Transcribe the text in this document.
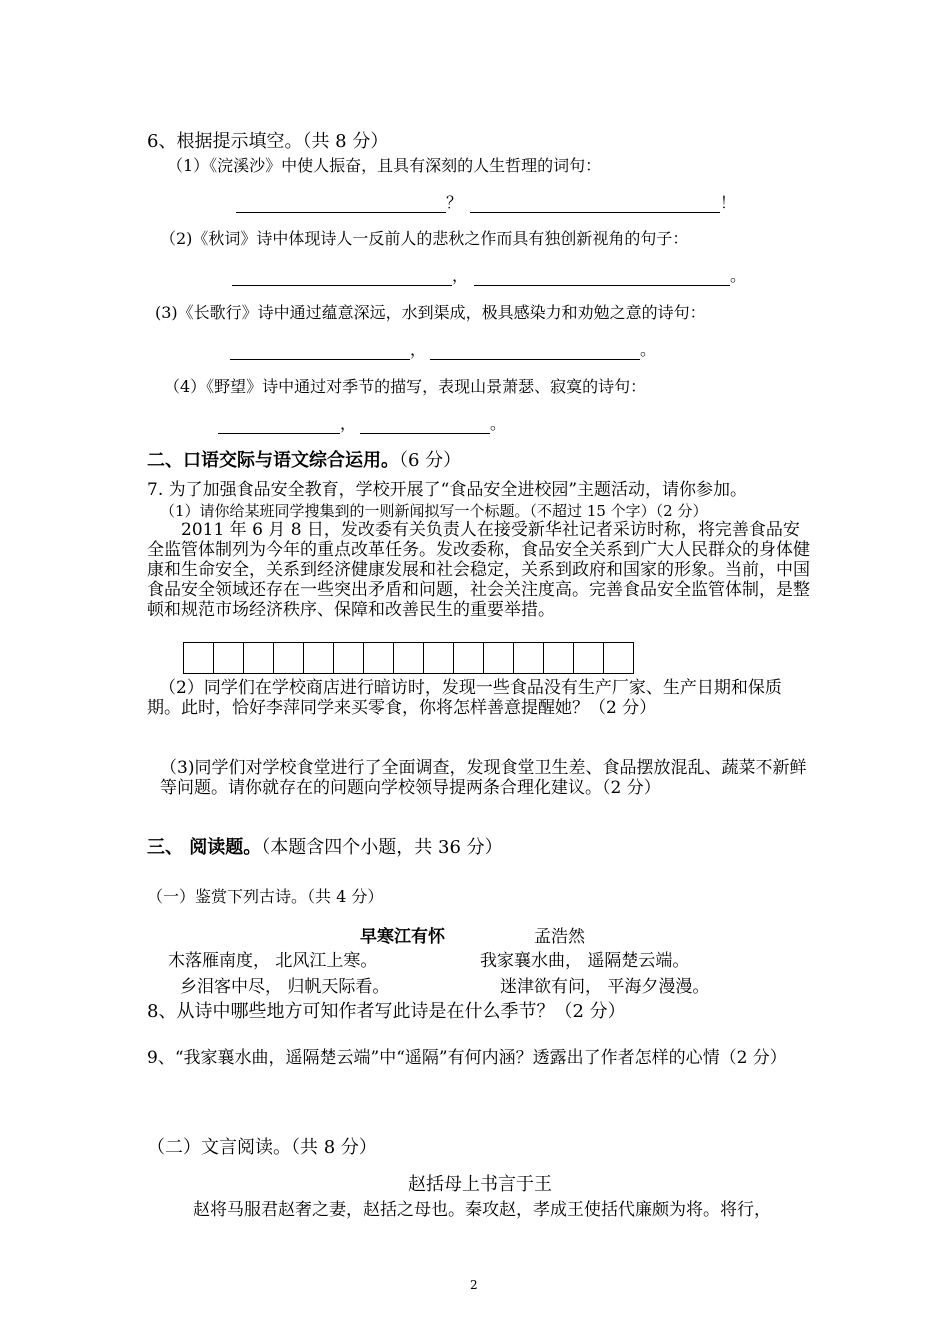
6、根据提示填空。（共 8 分）
（1）《浣溪沙》中使人振奋，且具有深刻的人生哲理的词句：
？	！
（2)《秋词》诗中体现诗人一反前人的悲秋之作而具有独创新视角的句子：
，	。
(3)《长歌行》诗中通过蕴意深远，水到渠成，极具感染力和劝勉之意的诗句：
，	。
（4）《野望》诗中通过对季节的描写，表现山景萧瑟、寂寞的诗句：
，	。
二、口语交际与语文综合运用。（6 分）
7. 为了加强食品安全教育，学校开展了“食品安全进校园”主题活动，请你参加。
（1）请你给某班同学搜集到的一则新闻拟写一个标题。（不超过 15 个字）（2 分）
2011 年 6 月 8 日，发改委有关负责人在接受新华社记者采访时称，将完善食品安全监管体制列为今年的重点改革任务。发改委称，食品安全关系到广大人民群众的身体健康和生命安全，关系到经济健康发展和社会稳定，关系到政府和国家的形象。当前，中国食品安全领域还存在一些突出矛盾和问题，社会关注度高。完善食品安全监管体制，是整顿和规范市场经济秩序、保障和改善民生的重要举措。
（2）同学们在学校商店进行暗访时，发现一些食品没有生产厂家、生产日期和保质期。此时，恰好李萍同学来买零食，你将怎样善意提醒她？（2 分）
（3)同学们对学校食堂进行了全面调查，发现食堂卫生差、食品摆放混乱、蔬菜不新鲜等问题。请你就存在的问题向学校领导提两条合理化建议。（2 分）
三、 阅读题。（本题含四个小题，共 36 分）
（一）鉴赏下列古诗。（共 4 分）
早寒江有怀	孟浩然
木落雁南度， 北风江上寒。	我家襄水曲， 遥隔楚云端。
乡泪客中尽， 归帆天际看。	迷津欲有问， 平海夕漫漫。
8、从诗中哪些地方可知作者写此诗是在什么季节？（2 分）
9、“我家襄水曲，遥隔楚云端”中“遥隔”有何内涵？透露出了作者怎样的心情（2 分）
（二）文言阅读。（共 8 分）
赵括母上书言于王
赵将马服君赵奢之妻，赵括之母也。秦攻赵，孝成王使括代廉颇为将。将行，
2
